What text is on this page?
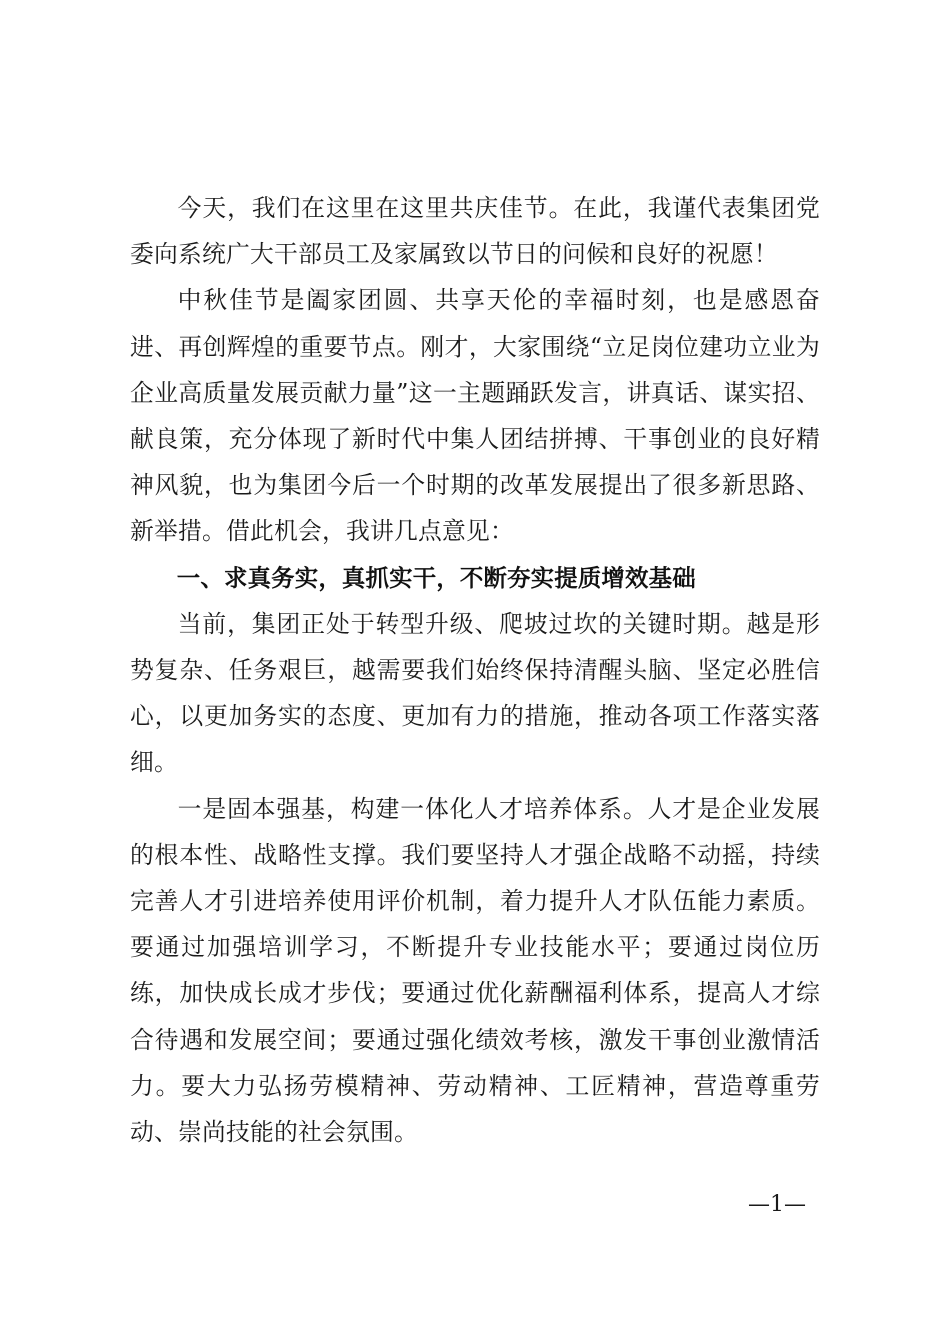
今天，我们在这里在这里共庆佳节。在此，我谨代表集团党委向系统广大干部员工及家属致以节日的问候和良好的祝愿！

中秋佳节是阖家团圆、共享天伦的幸福时刻，也是感恩奋进、再创辉煌的重要节点。刚才，大家围绕“立足岗位建功立业为企业高质量发展贡献力量”这一主题踊跃发言，讲真话、谋实招、献良策，充分体现了新时代中集人团结拼搏、干事创业的良好精神风貌，也为集团今后一个时期的改革发展提出了很多新思路、新举措。借此机会，我讲几点意见：

一、求真务实，真抓实干，不断夯实提质增效基础

当前，集团正处于转型升级、爬坡过坎的关键时期。越是形势复杂、任务艰巨，越需要我们始终保持清醒头脑、坚定必胜信心，以更加务实的态度、更加有力的措施，推动各项工作落实落细。

一是固本强基，构建一体化人才培养体系。人才是企业发展的根本性、战略性支撑。我们要坚持人才强企战略不动摇，持续完善人才引进培养使用评价机制，着力提升人才队伍能力素质。要通过加强培训学习，不断提升专业技能水平；要通过岗位历练，加快成长成才步伐；要通过优化薪酬福利体系，提高人才综合待遇和发展空间；要通过强化绩效考核，激发干事创业激情活力。要大力弘扬劳模精神、劳动精神、工匠精神，营造尊重劳动、崇尚技能的社会氛围。

—1—
